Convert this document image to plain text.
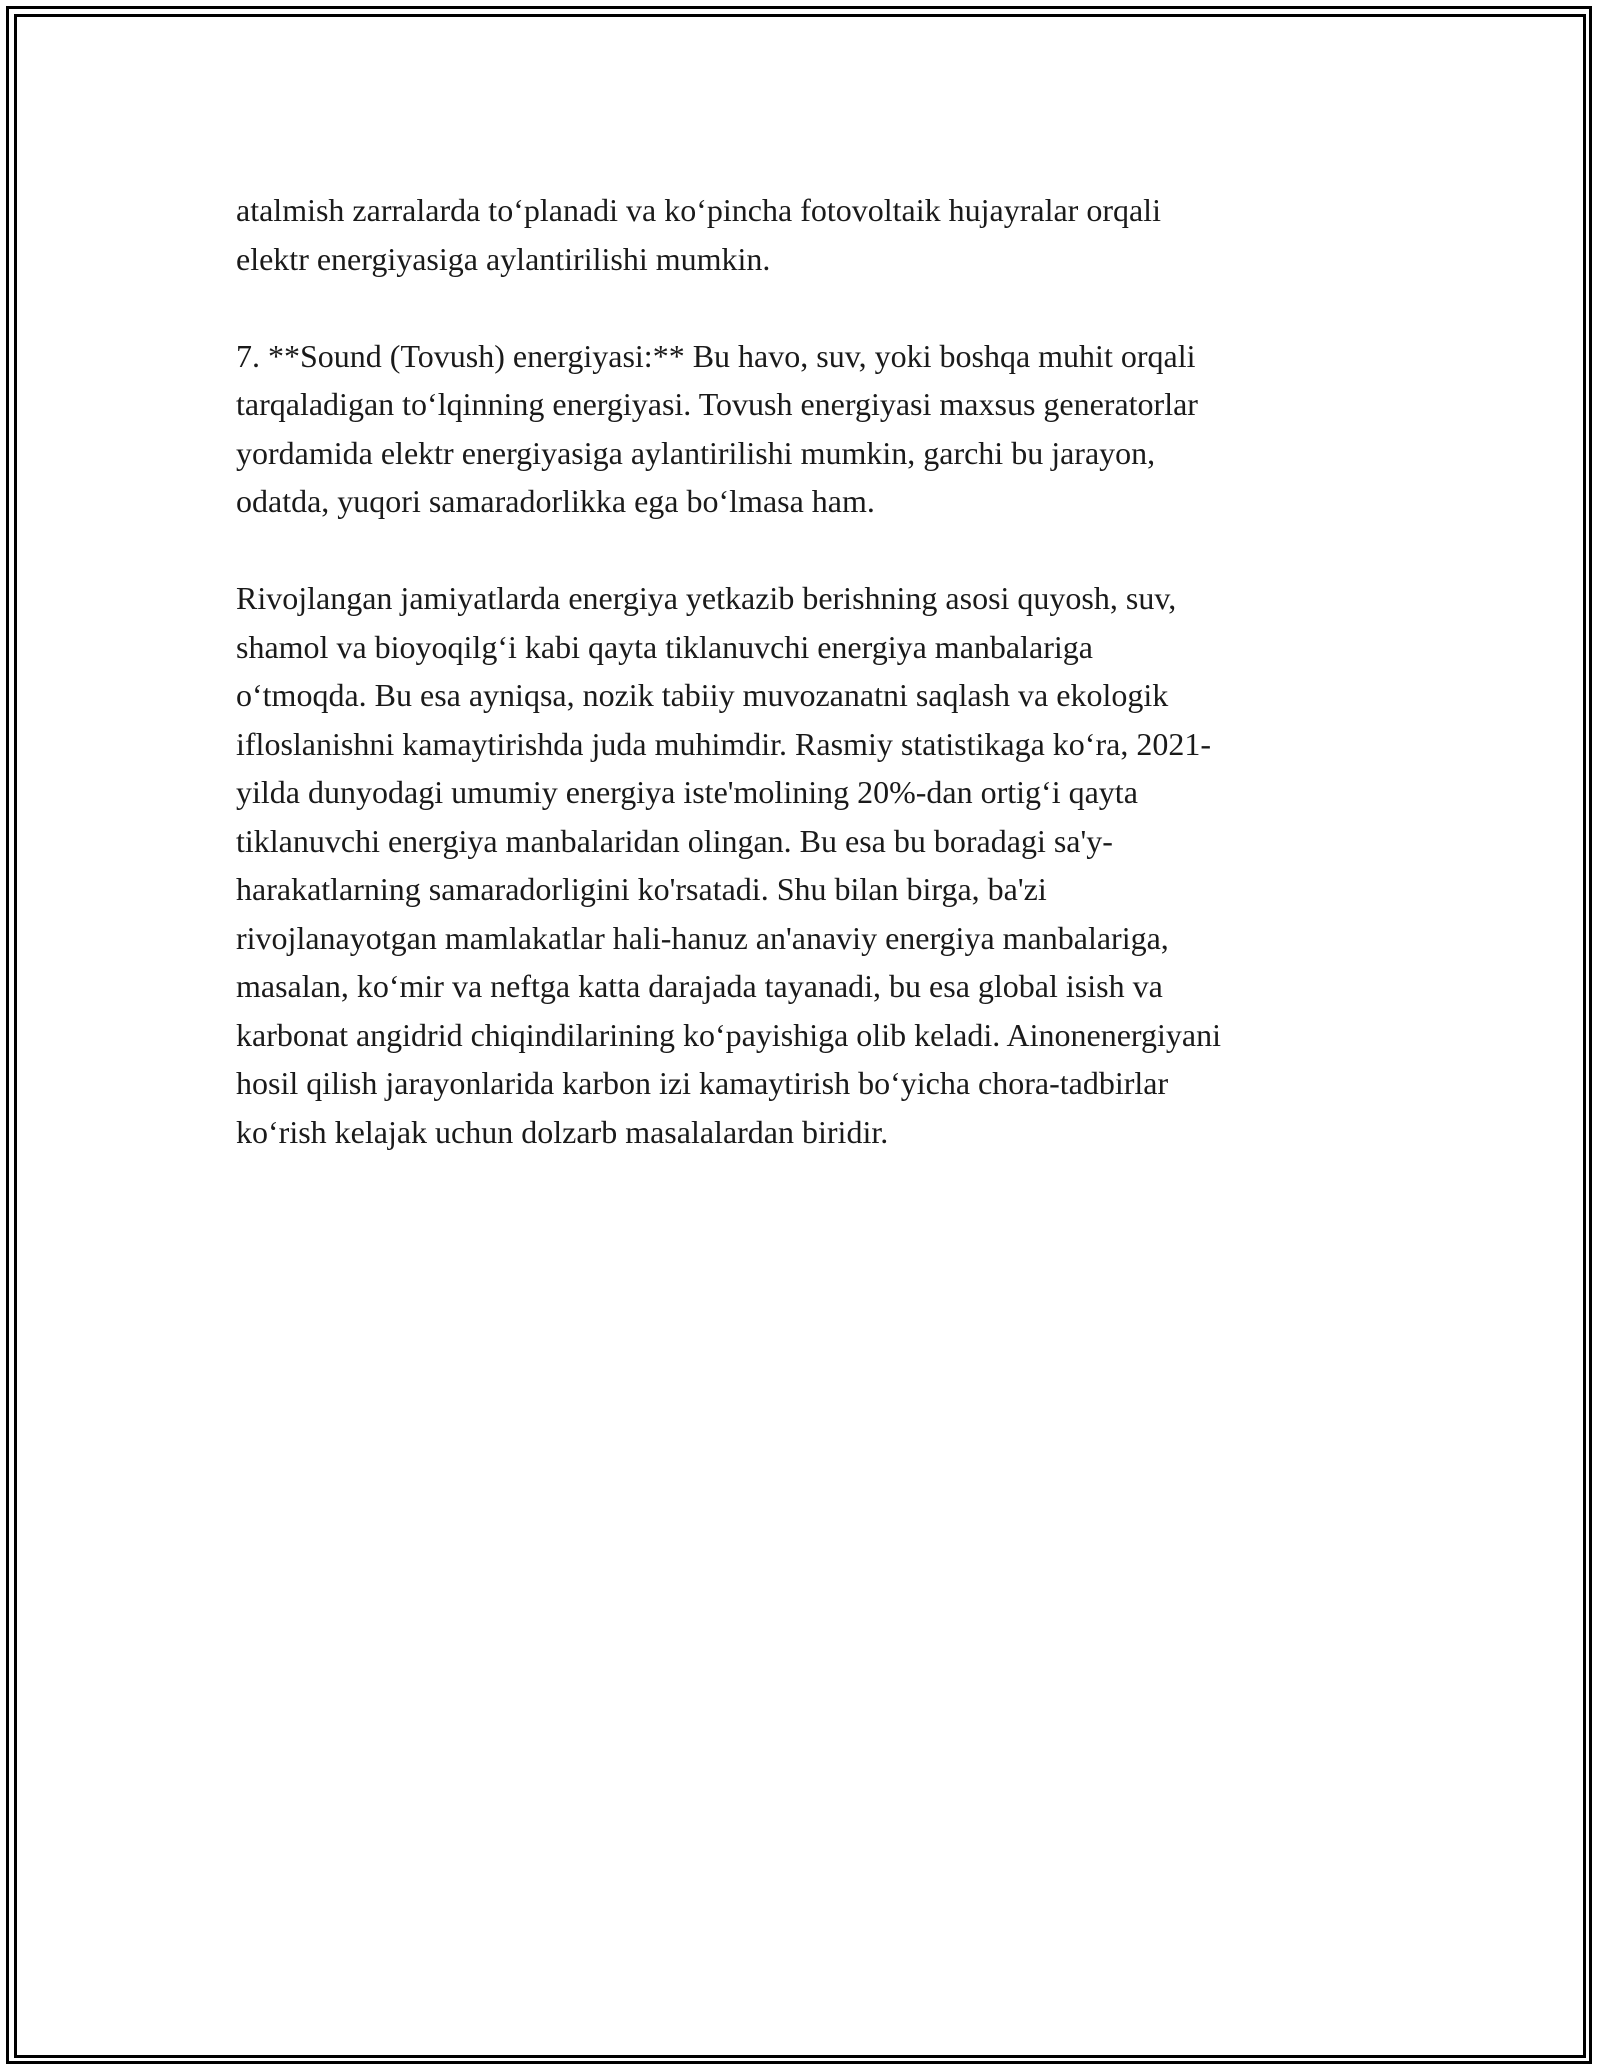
atalmish zarralarda to‘planadi va ko‘pincha fotovoltaik hujayralar orqali
elektr energiyasiga aylantirilishi mumkin.

7. **Sound (Tovush) energiyasi:** Bu havo, suv, yoki boshqa muhit orqali
tarqaladigan to‘lqinning energiyasi. Tovush energiyasi maxsus generatorlar
yordamida elektr energiyasiga aylantirilishi mumkin, garchi bu jarayon,
odatda, yuqori samaradorlikka ega bo‘lmasa ham.

Rivojlangan jamiyatlarda energiya yetkazib berishning asosi quyosh, suv,
shamol va bioyoqilg‘i kabi qayta tiklanuvchi energiya manbalariga
o‘tmoqda. Bu esa ayniqsa, nozik tabiiy muvozanatni saqlash va ekologik
ifloslanishni kamaytirishda juda muhimdir. Rasmiy statistikaga ko‘ra, 2021-
yilda dunyodagi umumiy energiya iste'molining 20%-dan ortig‘i qayta
tiklanuvchi energiya manbalaridan olingan. Bu esa bu boradagi sa'y-
harakatlarning samaradorligini ko'rsatadi. Shu bilan birga, ba'zi
rivojlanayotgan mamlakatlar hali-hanuz an'anaviy energiya manbalariga,
masalan, ko‘mir va neftga katta darajada tayanadi, bu esa global isish va
karbonat angidrid chiqindilarining ko‘payishiga olib keladi. Ainonenergiyani
hosil qilish jarayonlarida karbon izi kamaytirish bo‘yicha chora-tadbirlar
ko‘rish kelajak uchun dolzarb masalalardan biridir.
